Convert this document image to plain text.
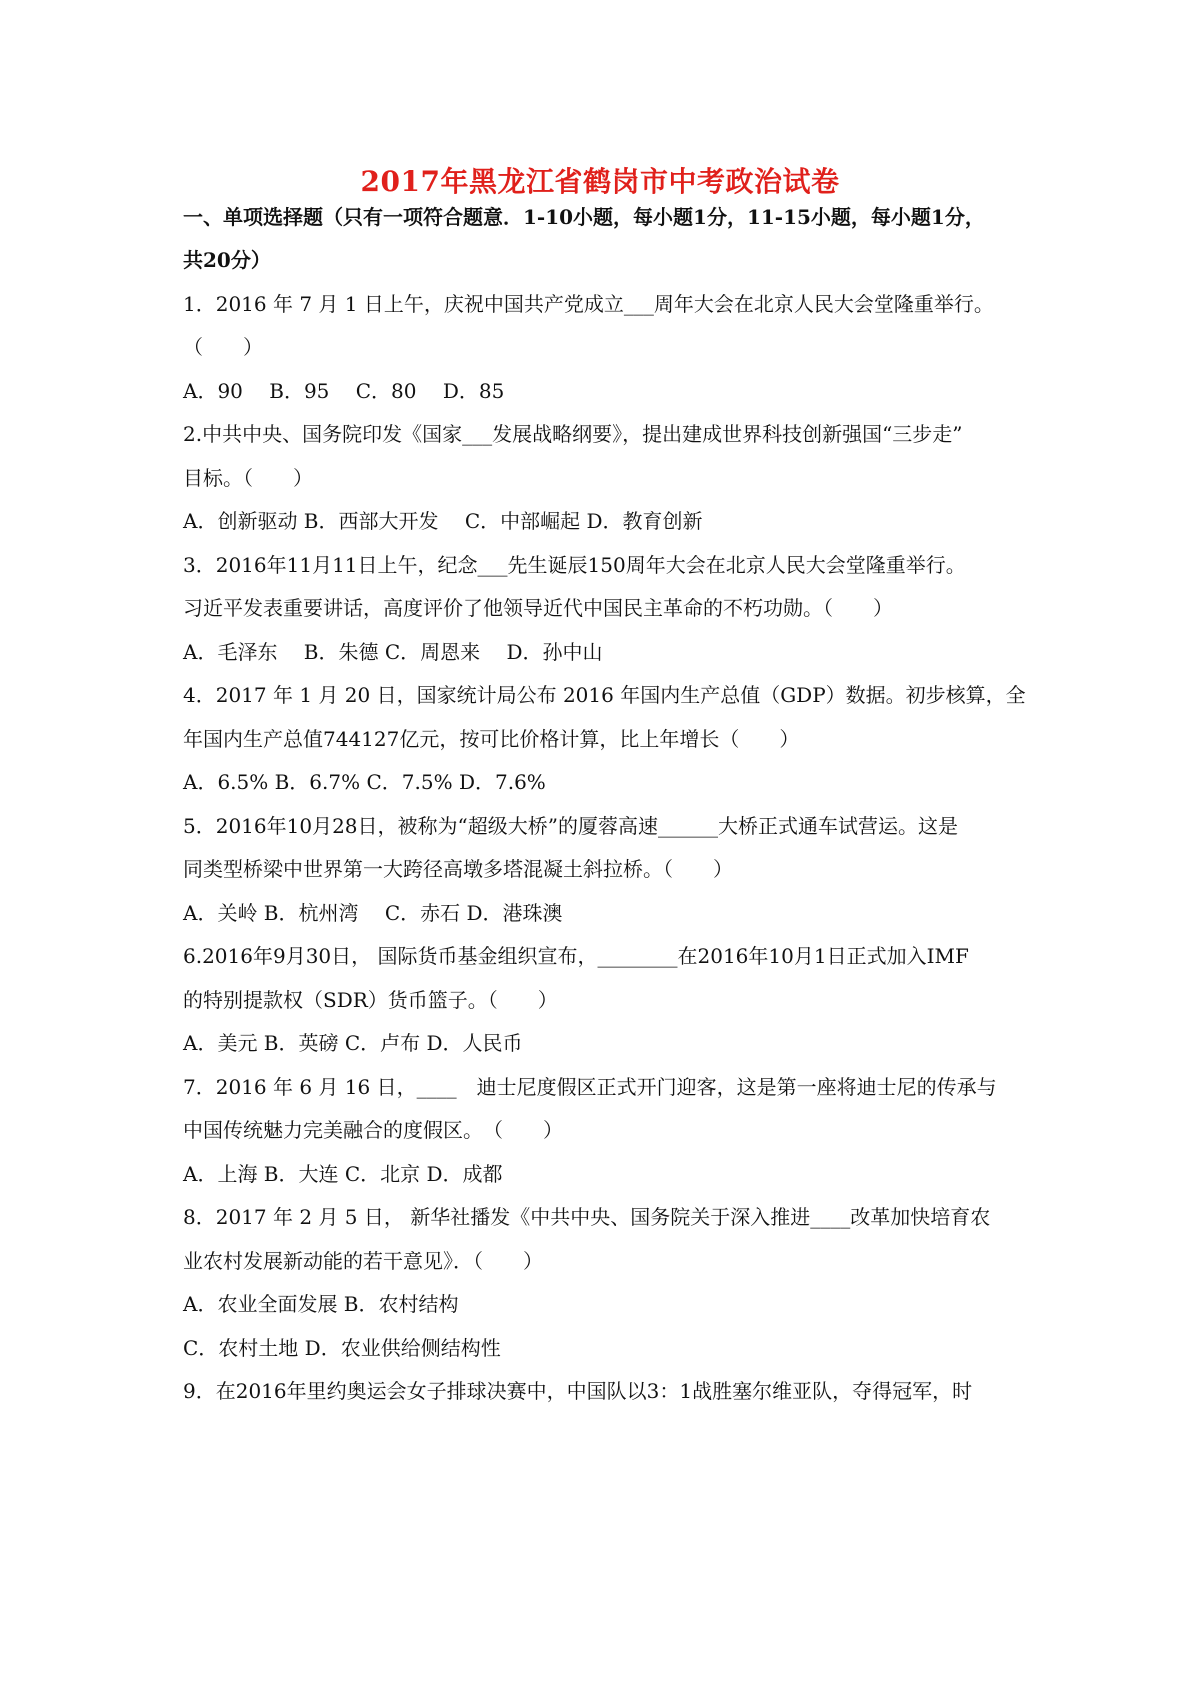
2017年黑龙江省鹤岗市中考政治试卷
一、单项选择题（只有一项符合题意．1-10小题，每小题1分，11-15小题，每小题1分，
共20分）
1．2016 年 7 月 1 日上午，庆祝中国共产党成立___周年大会在北京人民大会堂隆重举行。
（　　）
A．90　 B．95　 C．80　 D．85
2.中共中央、国务院印发《国家___发展战略纲要》，提出建成世界科技创新强国“三步走”
目标。（　　）
A．创新驱动 B．西部大开发　 C．中部崛起 D．教育创新
3．2016年11月11日上午，纪念___先生诞辰150周年大会在北京人民大会堂隆重举行。
习近平发表重要讲话，高度评价了他领导近代中国民主革命的不朽功勋。（　　）
A．毛泽东　 B．朱德 C．周恩来　 D．孙中山
4．2017 年 1 月 20 日，国家统计局公布 2016 年国内生产总值（GDP）数据。初步核算，全
年国内生产总值744127亿元，按可比价格计算，比上年增长（　　）
A．6.5% B．6.7% C．7.5% D．7.6%
5．2016年10月28日，被称为“超级大桥”的厦蓉高速______大桥正式通车试营运。这是
同类型桥梁中世界第一大跨径高墩多塔混凝土斜拉桥。（　　）
A．关岭 B．杭州湾　 C．赤石 D．港珠澳
6.2016年9月30日， 国际货币基金组织宣布，________在2016年10月1日正式加入IMF
的特别提款权（SDR）货币篮子。（　　）
A．美元 B．英磅 C．卢布 D．人民币
7．2016 年 6 月 16 日，____　迪士尼度假区正式开门迎客，这是第一座将迪士尼的传承与
中国传统魅力完美融合的度假区。　（　　）
A．上海 B．大连 C．北京 D．成都
8．2017 年 2 月 5 日， 新华社播发《中共中央、国务院关于深入推进____改革加快培育农
业农村发展新动能的若干意见》．（　　）
A．农业全面发展 B．农村结构
C．农村土地 D．农业供给侧结构性
9．在2016年里约奥运会女子排球决赛中，中国队以3：1战胜塞尔维亚队，夺得冠军，时
